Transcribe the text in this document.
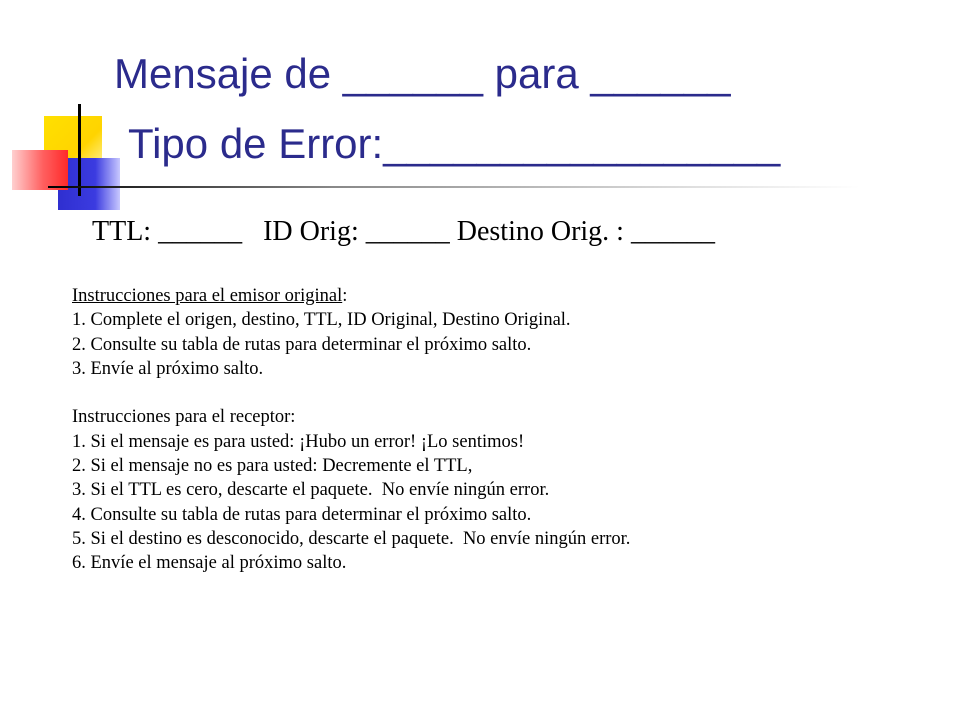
Mensaje de ______ para ______
Tipo de Error:_________________
TTL: ______   ID Orig: ______ Destino Orig. : ______
Instrucciones para el emisor original:
1. Complete el origen, destino, TTL, ID Original, Destino Original.
2. Consulte su tabla de rutas para determinar el próximo salto.
3. Envíe al próximo salto.
Instrucciones para el receptor:
1. Si el mensaje es para usted: ¡Hubo un error! ¡Lo sentimos!
2. Si el mensaje no es para usted: Decremente el TTL,
3. Si el TTL es cero, descarte el paquete.  No envíe ningún error.
4. Consulte su tabla de rutas para determinar el próximo salto.
5. Si el destino es desconocido, descarte el paquete.  No envíe ningún error.
6. Envíe el mensaje al próximo salto.
